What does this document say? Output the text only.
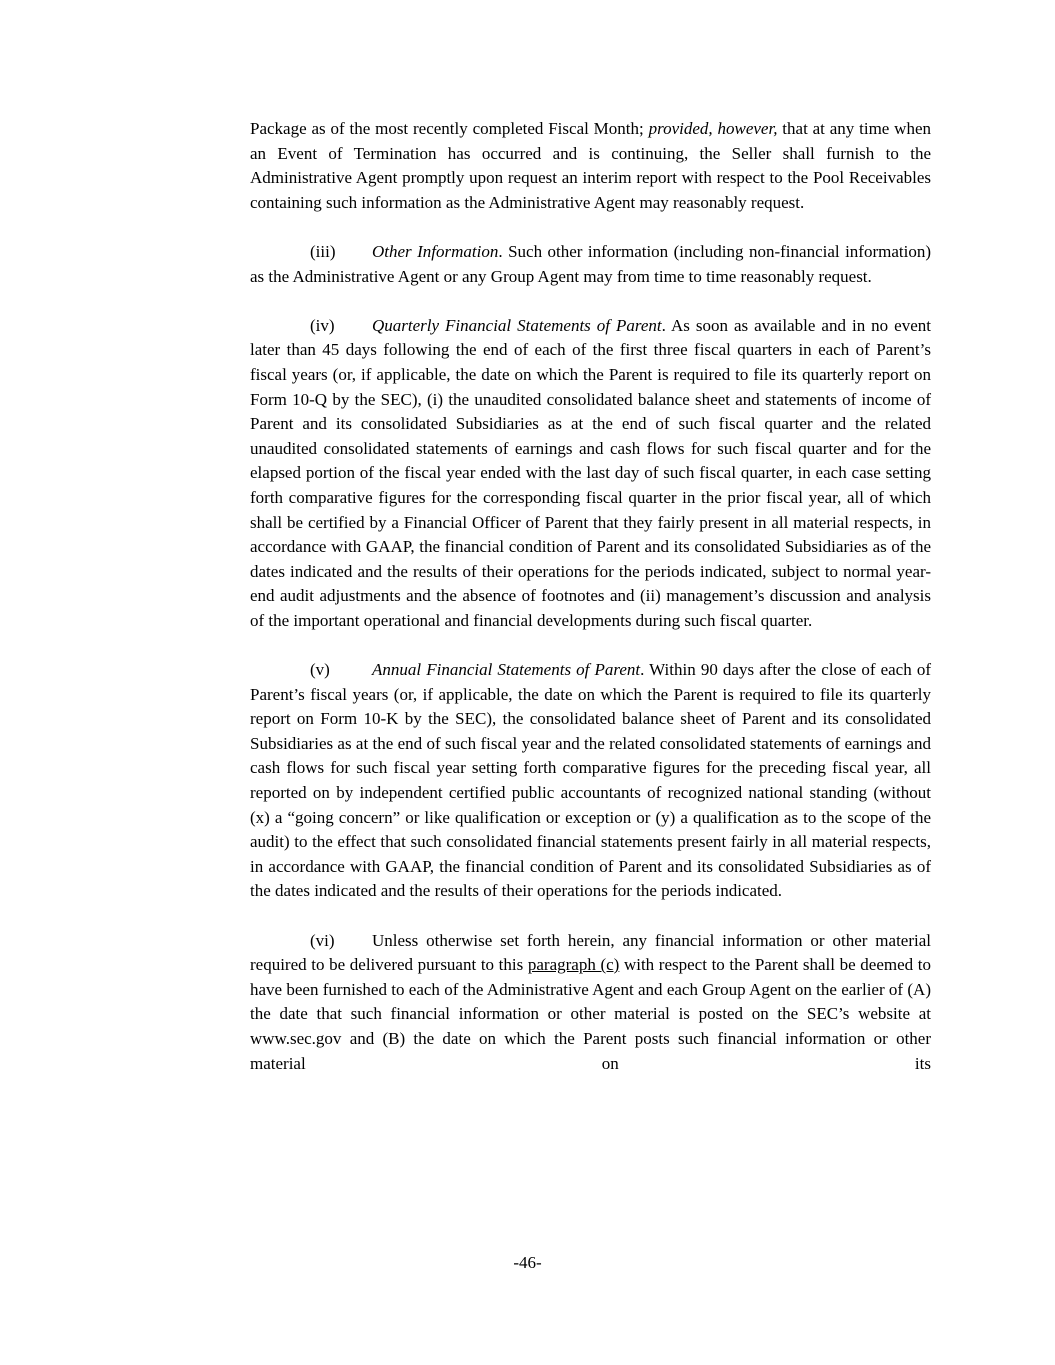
Package as of the most recently completed Fiscal Month; provided, however, that at any time when an Event of Termination has occurred and is continuing, the Seller shall furnish to the Administrative Agent promptly upon request an interim report with respect to the Pool Receivables containing such information as the Administrative Agent may reasonably request.

(iii) Other Information. Such other information (including non-financial information) as the Administrative Agent or any Group Agent may from time to time reasonably request.

(iv) Quarterly Financial Statements of Parent. As soon as available and in no event later than 45 days following the end of each of the first three fiscal quarters in each of Parent’s fiscal years (or, if applicable, the date on which the Parent is required to file its quarterly report on Form 10-Q by the SEC), (i) the unaudited consolidated balance sheet and statements of income of Parent and its consolidated Subsidiaries as at the end of such fiscal quarter and the related unaudited consolidated statements of earnings and cash flows for such fiscal quarter and for the elapsed portion of the fiscal year ended with the last day of such fiscal quarter, in each case setting forth comparative figures for the corresponding fiscal quarter in the prior fiscal year, all of which shall be certified by a Financial Officer of Parent that they fairly present in all material respects, in accordance with GAAP, the financial condition of Parent and its consolidated Subsidiaries as of the dates indicated and the results of their operations for the periods indicated, subject to normal year-end audit adjustments and the absence of footnotes and (ii) management’s discussion and analysis of the important operational and financial developments during such fiscal quarter.

(v) Annual Financial Statements of Parent. Within 90 days after the close of each of Parent’s fiscal years (or, if applicable, the date on which the Parent is required to file its quarterly report on Form 10-K by the SEC), the consolidated balance sheet of Parent and its consolidated Subsidiaries as at the end of such fiscal year and the related consolidated statements of earnings and cash flows for such fiscal year setting forth comparative figures for the preceding fiscal year, all reported on by independent certified public accountants of recognized national standing (without (x) a “going concern” or like qualification or exception or (y) a qualification as to the scope of the audit) to the effect that such consolidated financial statements present fairly in all material respects, in accordance with GAAP, the financial condition of Parent and its consolidated Subsidiaries as of the dates indicated and the results of their operations for the periods indicated.

(vi) Unless otherwise set forth herein, any financial information or other material required to be delivered pursuant to this paragraph (c) with respect to the Parent shall be deemed to have been furnished to each of the Administrative Agent and each Group Agent on the earlier of (A) the date that such financial information or other material is posted on the SEC’s website at www.sec.gov and (B) the date on which the Parent posts such financial information or other material on its

-46-
